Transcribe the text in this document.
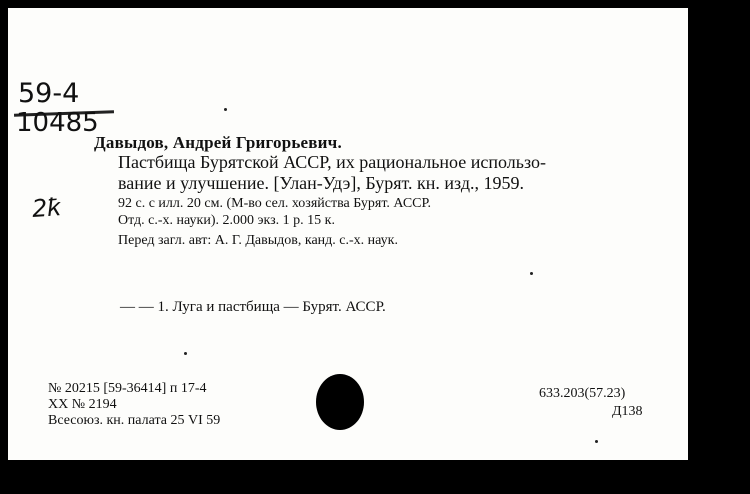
59-4
10485
2ҟ
Давыдов, Андрей Григорьевич.
Пастбища Бурятской АССР, их рациональное использо-
вание и улучшение. [Улан-Удэ], Бурят. кн. изд., 1959.
92 с. с илл. 20 см. (М-во сел. хозяйства Бурят. АССР.
Отд. с.-х. науки). 2.000 экз. 1 р. 15 к.
Перед загл. авт: А. Г. Давыдов, канд. с.-х. наук.
— — 1. Луга и пастбища — Бурят. АССР.
№ 20215 [59-36414] п 17-4
XX № 2194
Всесоюз. кн. палата 25 VI 59
633.203(57.23)
Д138
